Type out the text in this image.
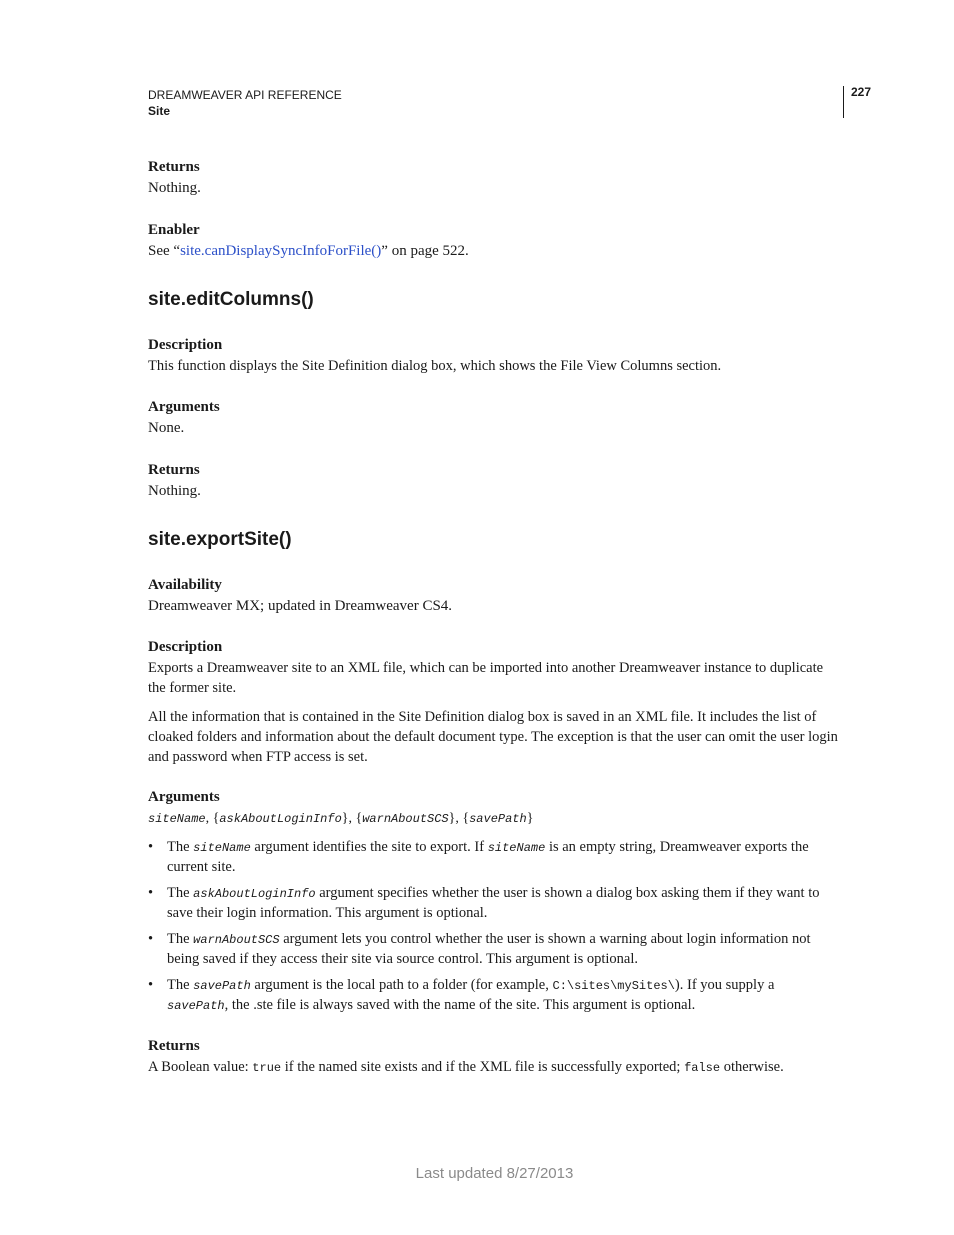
DREAMWEAVER API REFERENCE
Site
227
Returns
Nothing.
Enabler
See “site.canDisplaySyncInfoForFile()” on page 522.
site.editColumns()
Description
This function displays the Site Definition dialog box, which shows the File View Columns section.
Arguments
None.
Returns
Nothing.
site.exportSite()
Availability
Dreamweaver MX; updated in Dreamweaver CS4.
Description
Exports a Dreamweaver site to an XML file, which can be imported into another Dreamweaver instance to duplicate the former site.
All the information that is contained in the Site Definition dialog box is saved in an XML file. It includes the list of cloaked folders and information about the default document type. The exception is that the user can omit the user login and password when FTP access is set.
Arguments
siteName, {askAboutLoginInfo}, {warnAboutSCS}, {savePath}
• The siteName argument identifies the site to export. If siteName is an empty string, Dreamweaver exports the current site.
• The askAboutLoginInfo argument specifies whether the user is shown a dialog box asking them if they want to save their login information. This argument is optional.
• The warnAboutSCS argument lets you control whether the user is shown a warning about login information not being saved if they access their site via source control. This argument is optional.
• The savePath argument is the local path to a folder (for example, C:\sites\mySites\). If you supply a savePath, the .ste file is always saved with the name of the site. This argument is optional.
Returns
A Boolean value: true if the named site exists and if the XML file is successfully exported; false otherwise.
Last updated 8/27/2013
